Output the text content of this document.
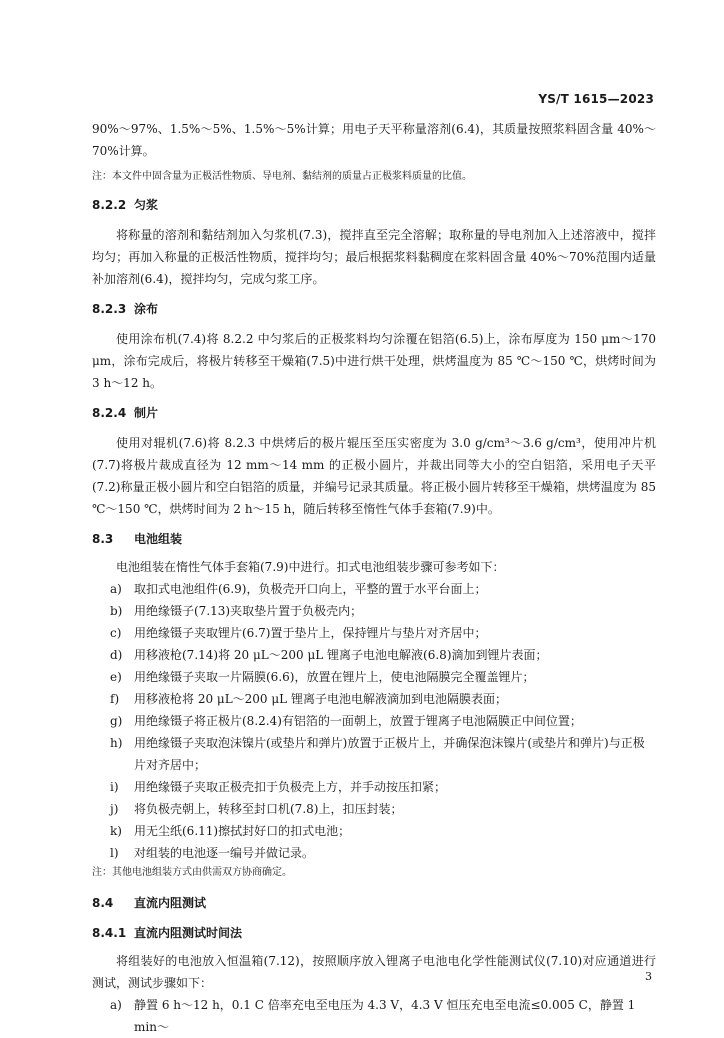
YS/T 1615—2023

90%～97%、1.5%～5%、1.5%～5%计算；用电子天平称量溶剂(6.4)，其质量按照浆料固含量 40%～70%计算。

注：本文件中固含量为正极活性物质、导电剂、黏结剂的质量占正极浆料质量的比值。
8.2.2 匀浆

将称量的溶剂和黏结剂加入匀浆机(7.3)，搅拌直至完全溶解；取称量的导电剂加入上述溶液中，搅拌均匀；再加入称量的正极活性物质，搅拌均匀；最后根据浆料黏稠度在浆料固含量 40%～70%范围内适量补加溶剂(6.4)，搅拌均匀，完成匀浆工序。

8.2.3 涂布

使用涂布机(7.4)将 8.2.2 中匀浆后的正极浆料均匀涂覆在铝箔(6.5)上，涂布厚度为 150 μm～170 μm，涂布完成后，将极片转移至干燥箱(7.5)中进行烘干处理，烘烤温度为 85 ℃～150 ℃，烘烤时间为 3 h～12 h。

8.2.4 制片

使用对辊机(7.6)将 8.2.3 中烘烤后的极片辊压至压实密度为 3.0 g/cm³～3.6 g/cm³，使用冲片机(7.7)将极片裁成直径为 12 mm～14 mm 的正极小圆片，并裁出同等大小的空白铝箔，采用电子天平(7.2)称量正极小圆片和空白铝箔的质量，并编号记录其质量。将正极小圆片转移至干燥箱，烘烤温度为 85 ℃～150 ℃，烘烤时间为 2 h～15 h，随后转移至惰性气体手套箱(7.9)中。

8.3 电池组装

电池组装在惰性气体手套箱(7.9)中进行。扣式电池组装步骤可参考如下：

a)	取扣式电池组件(6.9)，负极壳开口向上，平整的置于水平台面上；
b) 用绝缘镊子(7.13)夹取垫片置于负极壳内；
c)	用绝缘镊子夹取锂片(6.7)置于垫片上，保持锂片与垫片对齐居中；
d) 用移液枪(7.14)将 20 μL～200 μL 锂离子电池电解液(6.8)滴加到锂片表面；
e)	用绝缘镊子夹取一片隔膜(6.6)，放置在锂片上，使电池隔膜完全覆盖锂片；
f)	用移液枪将 20 μL～200 μL 锂离子电池电解液滴加到电池隔膜表面；
g) 用绝缘镊子将正极片(8.2.4)有铝箔的一面朝上，放置于锂离子电池隔膜正中间位置；
h) 用绝缘镊子夹取泡沫镍片(或垫片和弹片)放置于正极片上，并确保泡沫镍片(或垫片和弹片)与正极片对齐居中；
i)	用绝缘镊子夹取正极壳扣于负极壳上方，并手动按压扣紧；
j)	将负极壳朝上，转移至封口机(7.8)上，扣压封装；
k)	用无尘纸(6.11)擦拭封好口的扣式电池；
l)	对组装的电池逐一编号并做记录。
注：其他电池组装方式由供需双方协商确定。
8.4 直流内阻测试
8.4.1 直流内阻测试时间法

将组装好的电池放入恒温箱(7.12)，按照顺序放入锂离子电池电化学性能测试仪(7.10)对应通道进行测试，测试步骤如下：

a)	静置 6 h～12 h，0.1 C 倍率充电至电压为 4.3 V，4.3 V 恒压充电至电流≤0.005 C，静置 1 min～
3
